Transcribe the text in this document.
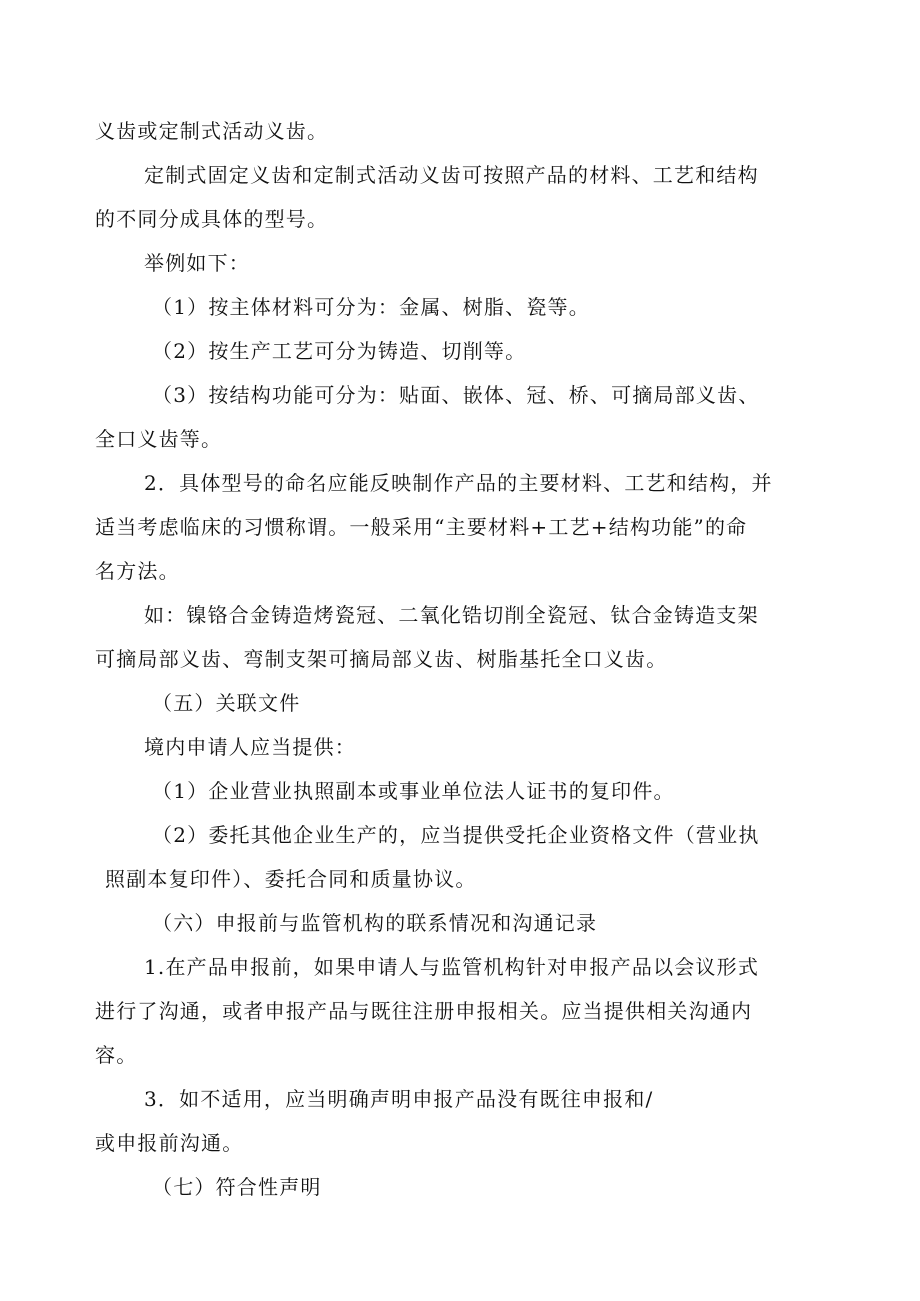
义齿或定制式活动义齿。
定制式固定义齿和定制式活动义齿可按照产品的材料、工艺和结构
的不同分成具体的型号。
举例如下：
（1）按主体材料可分为：金属、树脂、瓷等。
（2）按生产工艺可分为铸造、切削等。
（3）按结构功能可分为：贴面、嵌体、冠、桥、可摘局部义齿、
全口义齿等。
2．具体型号的命名应能反映制作产品的主要材料、工艺和结构，并
适当考虑临床的习惯称谓。一般采用“主要材料+工艺+结构功能”的命
名方法。
如：镍铬合金铸造烤瓷冠、二氧化锆切削全瓷冠、钛合金铸造支架
可摘局部义齿、弯制支架可摘局部义齿、树脂基托全口义齿。
（五）关联文件
境内申请人应当提供：
（1）企业营业执照副本或事业单位法人证书的复印件。
（2）委托其他企业生产的，应当提供受托企业资格文件（营业执
照副本复印件）、委托合同和质量协议。
（六）申报前与监管机构的联系情况和沟通记录
1.在产品申报前，如果申请人与监管机构针对申报产品以会议形式
进行了沟通，或者申报产品与既往注册申报相关。应当提供相关沟通内
容。
3．如不适用，应当明确声明申报产品没有既往申报和/
或申报前沟通。
（七）符合性声明
